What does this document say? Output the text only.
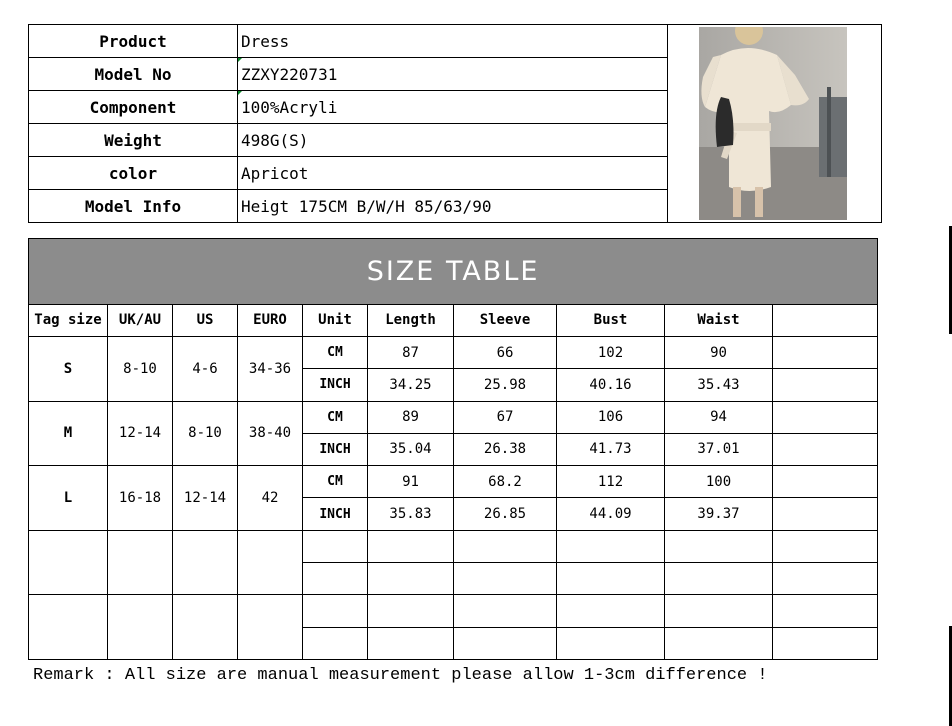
Product	Dress	

Model No	ZZXY220731	
Component	100%Acryli	
Weight	498G(S)	
color	Apricot	
Model Info	Heigt 175CM B/W/H 85/63/90	
SIZE TABLE									
Tag size	UK/AU	US	EURO	Unit	Length	Sleeve	Bust	Waist	
S	8-10	4-6	34-36	CM	87	66	102	90	
				INCH	34.25	25.98	40.16	35.43	
M	12-14	8-10	38-40	CM	89	67	106	94	
				INCH	35.04	26.38	41.73	37.01	
L	16-18	12-14	42	CM	91	68.2	112	100	
				INCH	35.83	26.85	44.09	39.37	

Remark : All size are manual measurement please allow 1-3cm difference !
